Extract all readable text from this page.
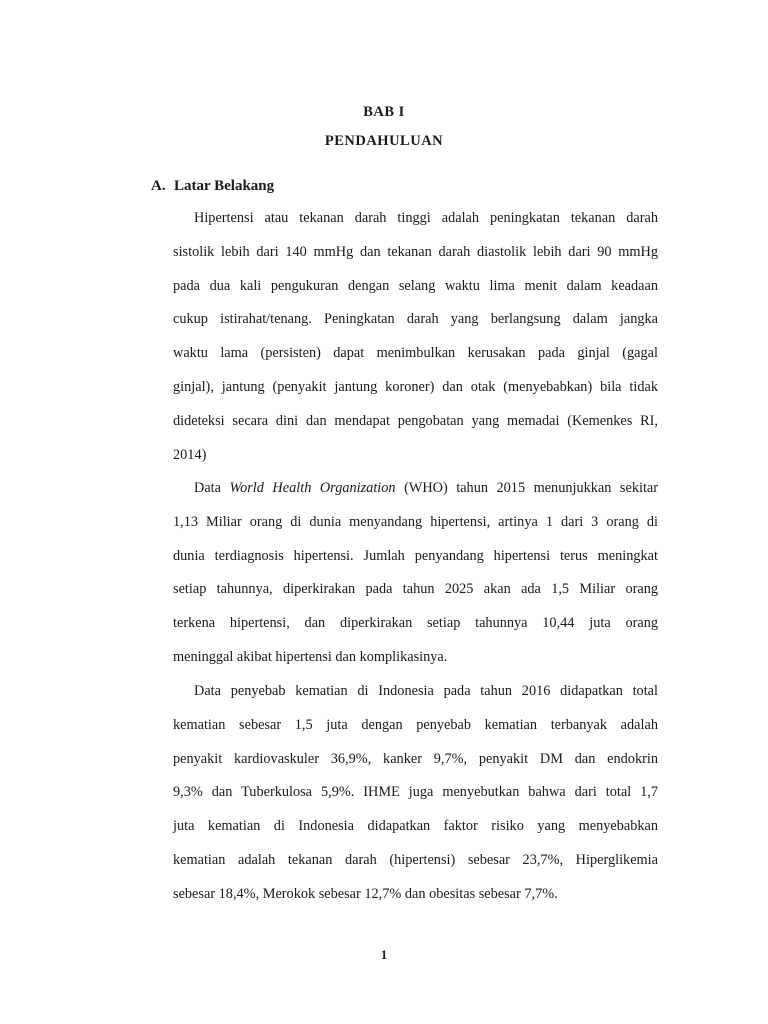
BAB I
PENDAHULUAN
A. Latar Belakang
Hipertensi atau tekanan darah tinggi adalah peningkatan tekanan darah
sistolik lebih dari 140 mmHg dan tekanan darah diastolik lebih dari 90 mmHg
pada dua kali pengukuran dengan selang waktu lima menit dalam keadaan
cukup istirahat/tenang. Peningkatan darah yang berlangsung dalam jangka
waktu lama (persisten) dapat menimbulkan kerusakan pada ginjal (gagal
ginjal), jantung (penyakit jantung koroner) dan otak (menyebabkan) bila tidak
dideteksi secara dini dan mendapat pengobatan yang memadai (Kemenkes RI,
2014)
Data World Health Organization (WHO) tahun 2015 menunjukkan sekitar
1,13 Miliar orang di dunia menyandang hipertensi, artinya 1 dari 3 orang di
dunia terdiagnosis hipertensi. Jumlah penyandang hipertensi terus meningkat
setiap tahunnya, diperkirakan pada tahun 2025 akan ada 1,5 Miliar orang
terkena hipertensi, dan diperkirakan setiap tahunnya 10,44 juta orang
meninggal akibat hipertensi dan komplikasinya.
Data penyebab kematian di Indonesia pada tahun 2016 didapatkan total
kematian sebesar 1,5 juta dengan penyebab kematian terbanyak adalah
penyakit kardiovaskuler 36,9%, kanker 9,7%, penyakit DM dan endokrin
9,3% dan Tuberkulosa 5,9%. IHME juga menyebutkan bahwa dari total 1,7
juta kematian di Indonesia didapatkan faktor risiko yang menyebabkan
kematian adalah tekanan darah (hipertensi) sebesar 23,7%, Hiperglikemia
sebesar 18,4%, Merokok sebesar 12,7% dan obesitas sebesar 7,7%.
1
